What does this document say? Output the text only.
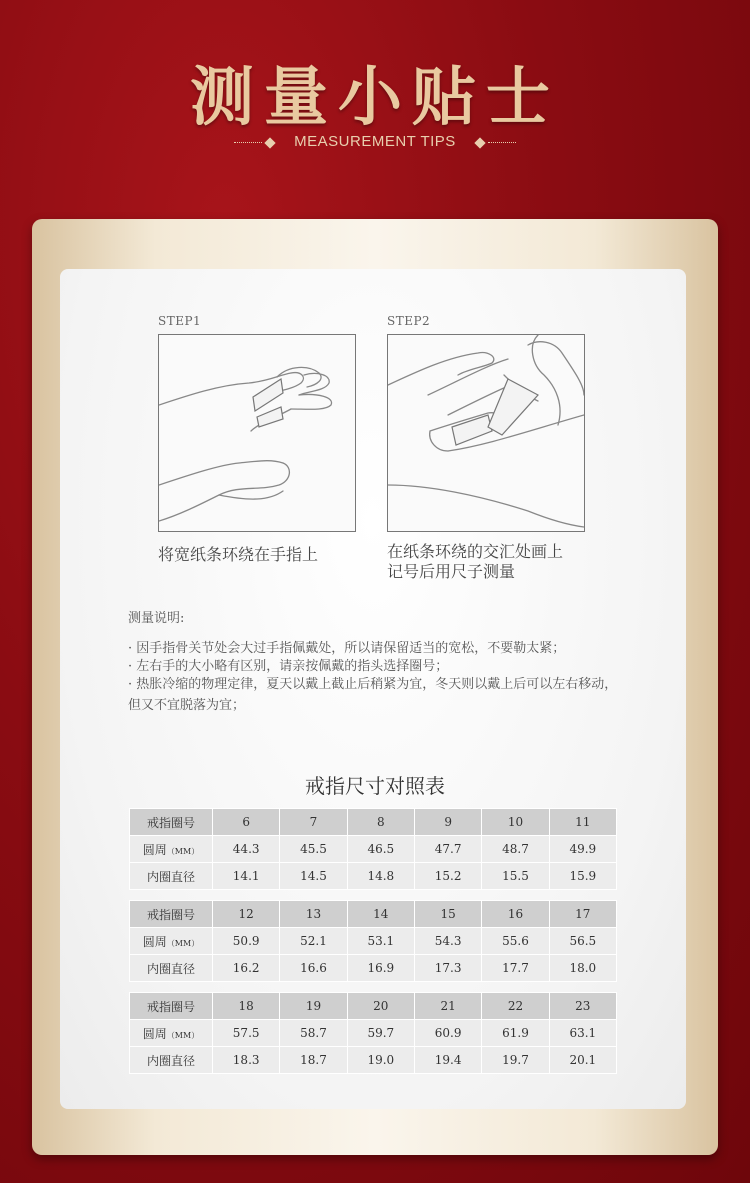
测量小贴士
MEASUREMENT TIPS
STEP1
将宽纸条环绕在手指上
STEP2
在纸条环绕的交汇处画上
记号后用尺子测量
测量说明:
· 因手指骨关节处会大过手指佩戴处，所以请保留适当的宽松，不要勒太紧；
· 左右手的大小略有区别，请亲按佩戴的指头选择圈号；
· 热胀冷缩的物理定律，夏天以戴上截止后稍紧为宜，冬天则以戴上后可以左右移动，但又不宜脱落为宜；
戒指尺寸对照表
戒指圈号	6	7	8	9	10	11
圆周（MM）	44.3	45.5	46.5	47.7	48.7	49.9
内圈直径	14.1	14.5	14.8	15.2	15.5	15.9
戒指圈号	12	13	14	15	16	17
圆周（MM）	50.9	52.1	53.1	54.3	55.6	56.5
内圈直径	16.2	16.6	16.9	17.3	17.7	18.0
戒指圈号	18	19	20	21	22	23
圆周（MM）	57.5	58.7	59.7	60.9	61.9	63.1
内圈直径	18.3	18.7	19.0	19.4	19.7	20.1
